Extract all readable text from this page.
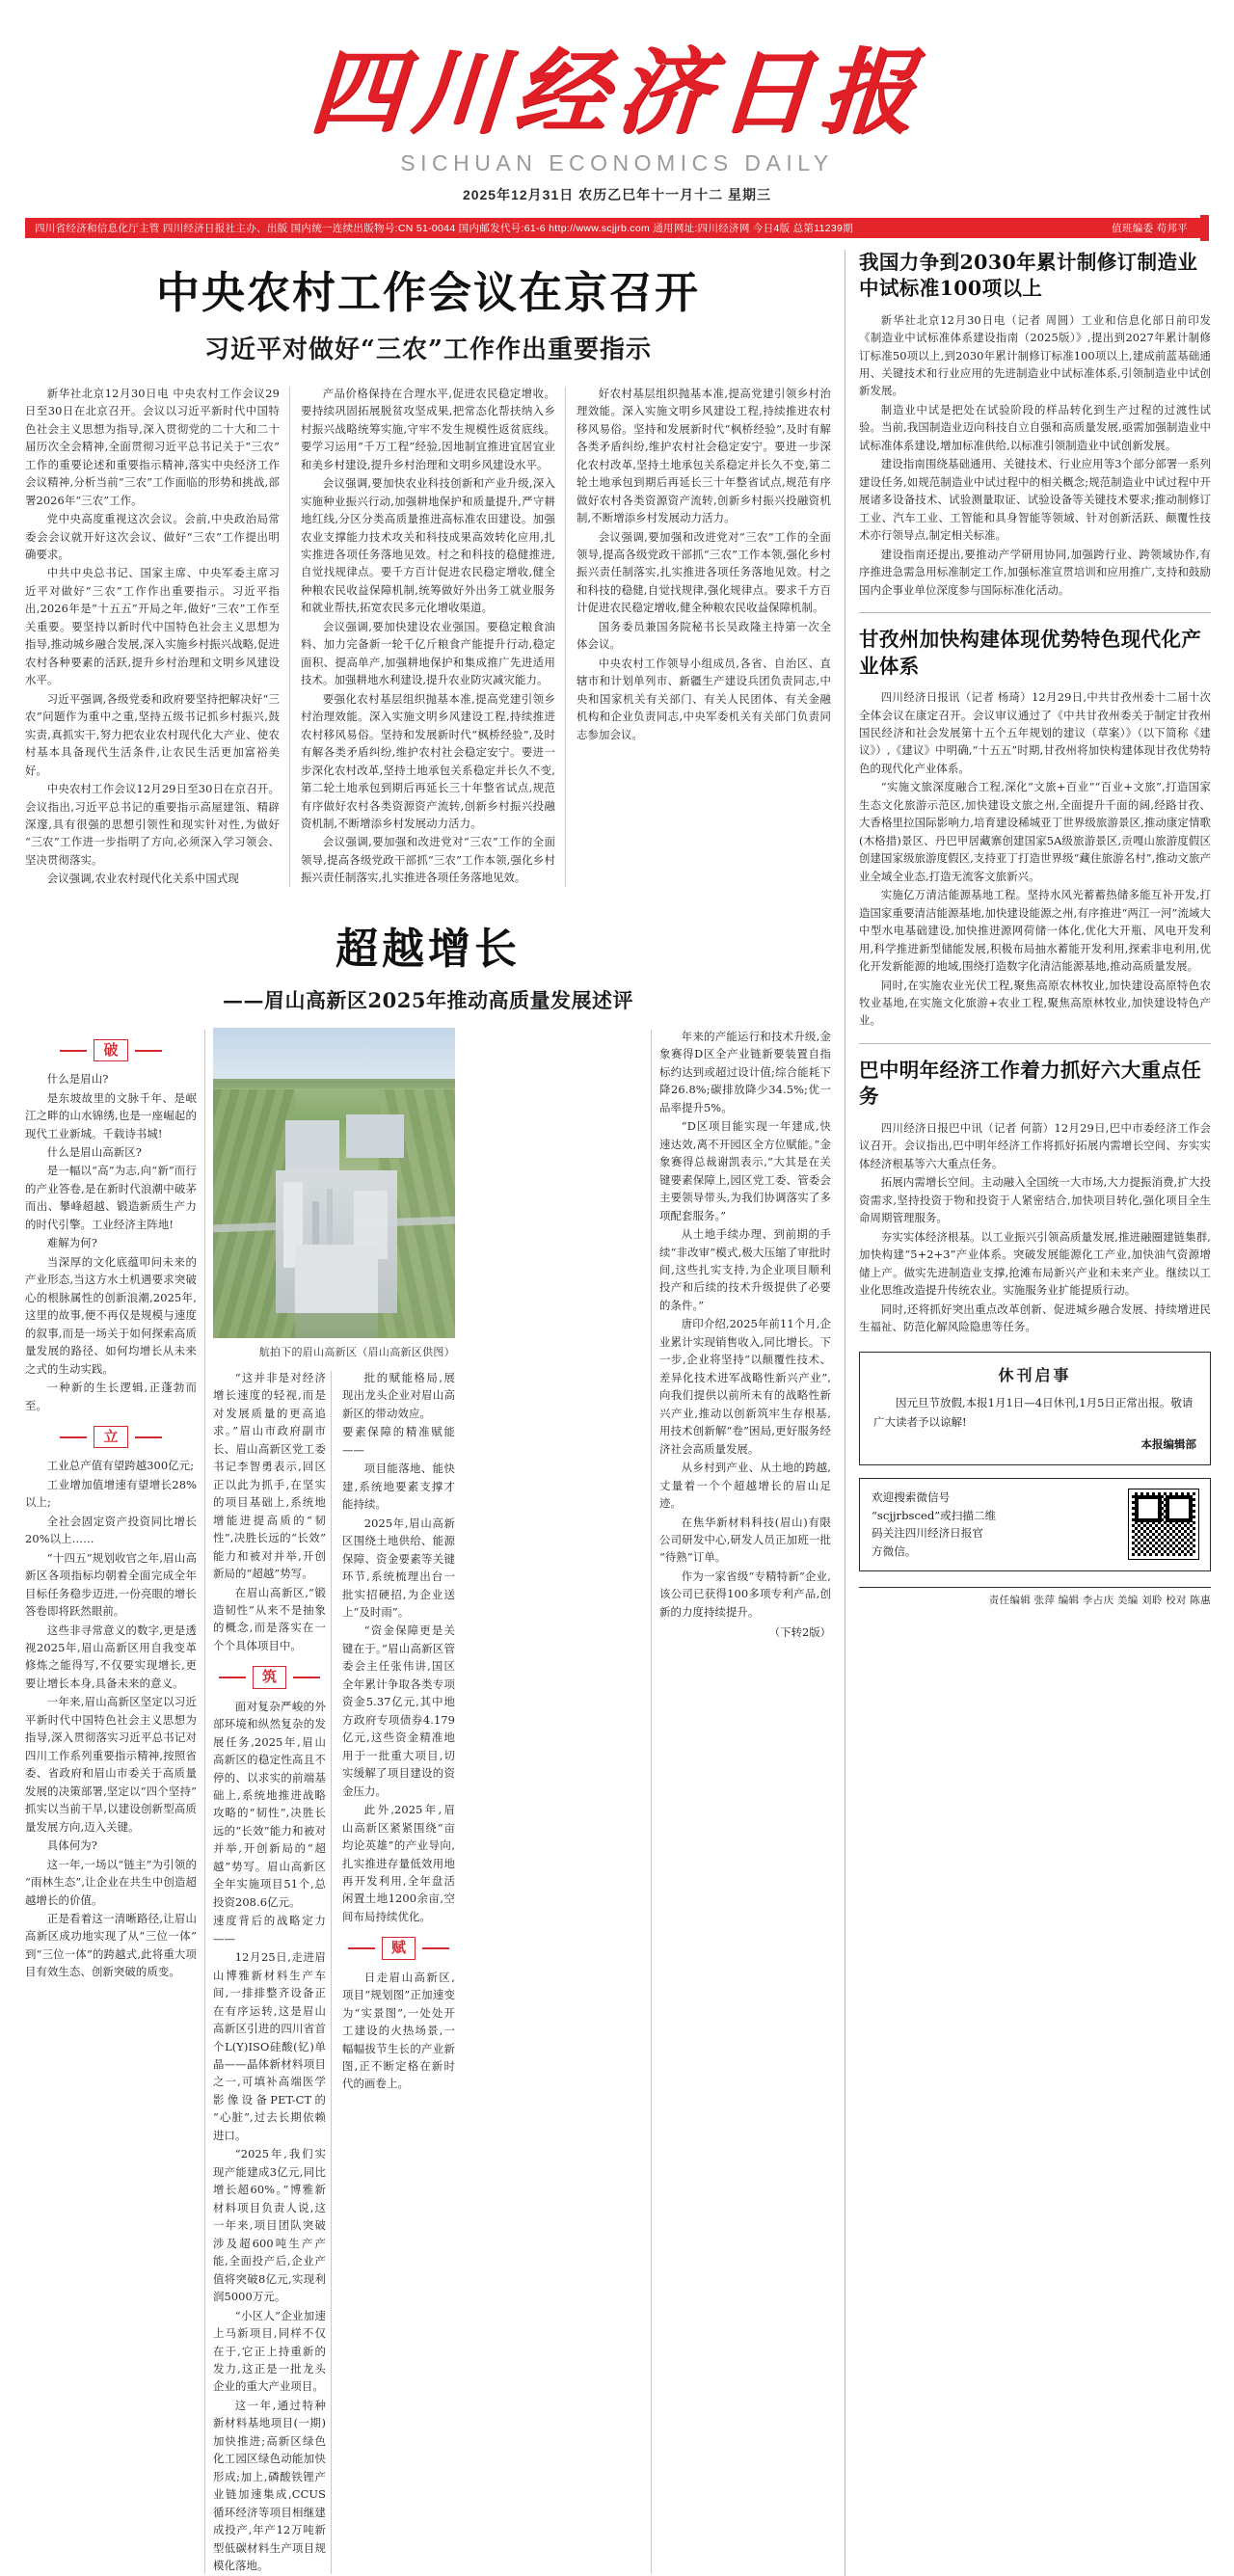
四川经济日报
SICHUAN ECONOMICS DAILY
2025年12月31日 农历乙巳年十一月十二 星期三
四川省经济和信息化厅主管 四川经济日报社主办、出版 国内统一连续出版物号:CN 51-0044 国内邮发代号:61-6 http://www.scjjrb.com 通用网址:四川经济网 今日4版 总第11239期	值班编委 苟邦平
中央农村工作会议在京召开
习近平对做好“三农”工作作出重要指示

新华社北京12月30日电 中央农村工作会议29日至30日在北京召开。会议以习近平新时代中国特色社会主义思想为指导,深入贯彻党的二十大和二十届历次全会精神,全面贯彻习近平总书记关于“三农”工作的重要论述和重要指示精神,落实中央经济工作会议精神,分析当前“三农”工作面临的形势和挑战,部署2026年“三农”工作。

党中央高度重视这次会议。会前,中央政治局常委会会议就开好这次会议、做好“三农”工作提出明确要求。

中共中央总书记、国家主席、中央军委主席习近平对做好“三农”工作作出重要指示。习近平指出,2026年是“十五五”开局之年,做好“三农”工作至关重要。要坚持以新时代中国特色社会主义思想为指导,推动城乡融合发展,深入实施乡村振兴战略,促进农村各种要素的活跃,提升乡村治理和文明乡风建设水平。

习近平强调,各级党委和政府要坚持把解决好“三农”问题作为重中之重,坚持五级书记抓乡村振兴,鼓实责,真抓实干,努力把农业农村现代化大产业、使农村基本具备现代生活条件,让农民生活更加富裕美好。

中央农村工作会议12月29日至30日在京召开。会议指出,习近平总书记的重要指示高屋建瓴、精辟深邃,具有很强的思想引领性和现实针对性,为做好“三农”工作进一步指明了方向,必须深入学习领会、坚决贯彻落实。

会议强调,农业农村现代化关系中国式现

产品价格保持在合理水平,促进农民稳定增收。要持续巩固拓展脱贫攻坚成果,把常态化帮扶纳入乡村振兴战略统筹实施,守牢不发生规模性返贫底线。要学习运用“千万工程”经验,因地制宜推进宜居宜业和美乡村建设,提升乡村治理和文明乡风建设水平。

会议强调,要加快农业科技创新和产业升级,深入实施种业振兴行动,加强耕地保护和质量提升,严守耕地红线,分区分类高质量推进高标准农田建设。加强农业支撑能力技术攻关和科技成果高效转化应用,扎实推进各项任务落地见效。村之和科技的稳健推进,自觉找规律点。要千方百计促进农民稳定增收,健全种粮农民收益保障机制,统筹做好外出务工就业服务和就业帮扶,拓宽农民多元化增收渠道。

会议强调,要加快建设农业强国。要稳定粮食油料、加力完备新一轮千亿斤粮食产能提升行动,稳定面积、提高单产,加强耕地保护和集成推广先进适用技术。加强耕地水利建设,提升农业防灾减灾能力。

要强化农村基层组织抛基本准,提高党建引领乡村治理效能。深入实施文明乡风建设工程,持续推进农村移风易俗。坚持和发展新时代“枫桥经验”,及时有解各类矛盾纠纷,维护农村社会稳定安宁。要进一步深化农村改革,坚持土地承包关系稳定并长久不变,第二轮土地承包到期后再延长三十年整省试点,规范有序做好农村各类资源资产流转,创新乡村振兴投融资机制,不断增添乡村发展动力活力。

会议强调,要加强和改进党对“三农”工作的全面领导,提高各级党政干部抓“三农”工作本领,强化乡村振兴责任制落实,扎实推进各项任务落地见效。

好农村基层组织抛基本准,提高党建引领乡村治理效能。深入实施文明乡风建设工程,持续推进农村移风易俗。坚持和发展新时代“枫桥经验”,及时有解各类矛盾纠纷,维护农村社会稳定安宁。要进一步深化农村改革,坚持土地承包关系稳定并长久不变,第二轮土地承包到期后再延长三十年整省试点,规范有序做好农村各类资源资产流转,创新乡村振兴投融资机制,不断增添乡村发展动力活力。

会议强调,要加强和改进党对“三农”工作的全面领导,提高各级党政干部抓“三农”工作本领,强化乡村振兴责任制落实,扎实推进各项任务落地见效。村之和科技的稳健,自觉找规律,强化规律点。要求千方百计促进农民稳定增收,健全种粮农民收益保障机制。

国务委员兼国务院秘书长吴政隆主持第一次全体会议。

中央农村工作领导小组成员,各省、自治区、直辖市和计划单列市、新疆生产建设兵团负责同志,中央和国家机关有关部门、有关人民团体、有关金融机构和企业负责同志,中央军委机关有关部门负责同志参加会议。

超越增长
——眉山高新区2025年推动高质量发展述评
破

什么是眉山?

是东坡故里的文脉千年、是岷江之畔的山水锦绣,也是一座崛起的现代工业新城。千载诗书城!

什么是眉山高新区?

是一幅以“高”为志,向“新”而行的产业答卷,是在新时代浪潮中破茅而出、攀峰超越、锻造新质生产力的时代引擎。工业经济主阵地!

难解为何?

当深厚的文化底蕴叩问未来的产业形态,当这方水土机遇要求突破心的根脉属性的创新浪潮,2025年,这里的故事,便不再仅是规模与速度的叙事,而是一场关于如何探索高质量发展的路径、如何均增长从未来之式的生动实践。

一种新的生长逻辑,正蓬勃而至。

立

工业总产值有望跨越300亿元;

工业增加值增速有望增长28%以上;

全社会固定资产投资同比增长20%以上……

“十四五”规划收官之年,眉山高新区各项指标均朝着全面完成全年目标任务稳步迈进,一份亮眼的增长答卷即将跃然眼前。

这些非寻常意义的数字,更是透视2025年,眉山高新区用自我变革修炼之能得写,不仅要实现增长,更要让增长本身,具备未来的意义。

一年来,眉山高新区坚定以习近平新时代中国特色社会主义思想为指导,深入贯彻落实习近平总书记对四川工作系列重要指示精神,按照省委、省政府和眉山市委关于高质量发展的决策部署,坚定以“四个坚持”抓实以当前干旱,以建设创新型高质量发展方向,迈入关键。

具体何为?

这一年,一场以“链主”为引领的“雨林生态”,让企业在共生中创造超越增长的价值。

正是看着这一清晰路径,让眉山高新区成功地实现了从“三位一体”到“三位一体”的跨越式,此将重大项目有效生态、创新突破的质变。

航拍下的眉山高新区（眉山高新区供图）

“这并非是对经济增长速度的轻视,而是对发展质量的更高追求。”眉山市政府副市长、眉山高新区党工委书记李智勇表示,回区正以此为抓手,在坚实的项目基础上,系统地增能进提高质的“韧性”,决胜长远的“长效”能力和被对并举,开创新局的“超越”势写。

在眉山高新区,“锻造韧性”从来不是抽象的概念,而是落实在一个个具体项目中。

筑

面对复杂严峻的外部环境和纵然复杂的发展任务,2025年,眉山高新区的稳定性高且不停的、以求实的前端基础上,系统地推进战略攻略的“韧性”,决胜长远的“长效”能力和被对并举,开创新局的“超越”势写。眉山高新区全年实施项目51个,总投资208.6亿元。

速度背后的战略定力——

12月25日,走进眉山博雅新材料生产车间,一排排整齐设备正在有序运转,这是眉山高新区引进的四川省首个L(Y)ISO硅酸(钇)单晶——晶体新材料项目之一,可填补高端医学影像设备PET-CT的“心脏”,过去长期依赖进口。

“2025年,我们实现产能建成3亿元,同比增长超60%。”博雅新材料项目负责人说,这一年来,项目团队突破涉及超600吨生产产能,全面投产后,企业产值将突破8亿元,实现利润5000万元。

“小区人”企业加速上马新项目,同样不仅在于,它正上持重新的发力,这正是一批龙头企业的重大产业项目。

这一年,通过特种新材料基地项目(一期)加快推进;高新区绿色化工园区绿色动能加快形成;加上,磷酸铁锂产业链加速集成,CCUS循环经济等项目相继建成投产,年产12万吨新型低碳材料生产项目规模化落地。

批的赋能格局,展现出龙头企业对眉山高新区的带动效应。

要素保障的精准赋能——

项目能落地、能快建,系统地要素支撑才能持续。

2025年,眉山高新区围绕土地供给、能源保障、资金要素等关键环节,系统梳理出台一批实招硬招,为企业送上“及时雨”。

“资金保障更是关键在于。”眉山高新区管委会主任张伟讲,国区全年累计争取各类专项资金5.37亿元,其中地方政府专项债券4.179亿元,这些资金精准地用于一批重大项目,切实缓解了项目建设的资金压力。

此外,2025年,眉山高新区紧紧围绕“亩均论英雄”的产业导向,扎实推进存量低效用地再开发利用,全年盘活闲置土地1200余亩,空间布局持续优化。

赋

日走眉山高新区,项目“规划图”正加速变为“实景图”,一处处开工建设的火热场景,一幅幅拔节生长的产业新图,正不断定格在新时代的画卷上。

年来的产能运行和技术升级,金象赛得D区全产业链新要装置自指标约达到或超过设计值;综合能耗下降26.8%;碳排放降少34.5%;优一品率提升5%。

“D区项目能实现一年建成,快速达效,离不开园区全方位赋能。”金象赛得总裁谢凯表示,“大其是在关键要素保障上,园区党工委、管委会主要领导带头,为我们协调落实了多项配套服务。”

从土地手续办理、到前期的手续“非改审”模式,极大压缩了审批时间,这些扎实支持,为企业项目顺利投产和后续的技术升级提供了必要的条件。”

唐印介绍,2025年前11个月,企业累计实现销售收入,同比增长。下一步,企业将坚持“以颠覆性技术、差异化技术进军战略性新兴产业”,向我们提供以前所未有的战略性新兴产业,推动以创新筑牢生存根基,用技术创新解“卷”困局,更好服务经济社会高质量发展。

从乡村到产业、从土地的跨越,丈量着一个个超越增长的眉山足迹。

在焦华新材料科技(眉山)有限公司研发中心,研发人员正加班一批“待熟”订单。

作为一家省级“专精特新”企业,该公司已获得100多项专利产品,创新的力度持续提升。

（下转2版）
我国力争到2030年累计制修订制造业中试标准100项以上

新华社北京12月30日电（记者 周圆）工业和信息化部日前印发《制造业中试标准体系建设指南（2025版）》,提出到2027年累计制修订标准50项以上,到2030年累计制修订标准100项以上,建成前蓝基础通用、关键技术和行业应用的先进制造业中试标准体系,引领制造业中试创新发展。

制造业中试是把处在试验阶段的样品转化到生产过程的过渡性试验。当前,我国制造业迈向科技自立自强和高质量发展,亟需加强制造业中试标准体系建设,增加标准供给,以标准引领制造业中试创新发展。

建设指南围绕基础通用、关键技术、行业应用等3个部分部署一系列建设任务,如规范制造业中试过程中的相关概念;规范制造业中试过程中开展诸多设备技术、试验测量取证、试验设备等关键技术要求;推动制修订工业、汽车工业、工智能和具身智能等领域、针对创新活跃、颠覆性技术亦行领导点,制定相关标准。

建设指南还提出,要推动产学研用协同,加强跨行业、跨领域协作,有序推进急需急用标准制定工作,加强标准宣贯培训和应用推广,支持和鼓励国内企事业单位深度参与国际标准化活动。

甘孜州加快构建体现优势特色现代化产业体系

四川经济日报讯（记者 杨琦）12月29日,中共甘孜州委十二届十次全体会议在康定召开。会议审议通过了《中共甘孜州委关于制定甘孜州国民经济和社会发展第十五个五年规划的建议（草案）》（以下简称《建议》）,《建议》中明确,“十五五”时期,甘孜州将加快构建体现甘孜优势特色的现代化产业体系。

“实施文旅深度融合工程,深化“文旅+百业”“百业+文旅”,打造国家生态文化旅游示范区,加快建设文旅之州,全面提升千面的阔,经路甘孜、大香格里拉国际影响力,培育建设稀城亚丁世界级旅游景区,推动康定情歌(木格措)景区、丹巴甲居藏寨创建国家5A级旅游景区,贡嘎山旅游度假区创建国家级旅游度假区,支持亚丁打造世界级“藏住旅游名村”,推动文旅产业全域全业态,打造无流客文旅新兴。

实施亿万清洁能源基地工程。坚持水风光蓄蓄热储多能互补开发,打造国家重要清洁能源基地,加快建设能源之州,有序推进“两江一河”流域大中型水电基础建设,加快推进源网荷储一体化,优化大开瓶、风电开发利用,科学推进新型储能发展,积极布局抽水蓄能开发利用,探索非电利用,优化开发新能源的地域,围绕打造数字化清洁能源基地,推动高质量发展。

同时,在实施农业光伏工程,聚焦高原农林牧业,加快建设高原特色农牧业基地,在实施文化旅游+农业工程,聚焦高原林牧业,加快建设特色产业。

巴中明年经济工作着力抓好六大重点任务

四川经济日报巴中讯（记者 何箭）12月29日,巴中市委经济工作会议召开。会议指出,巴中明年经济工作将抓好拓展内需增长空间、夯实实体经济根基等六大重点任务。

拓展内需增长空间。主动融入全国统一大市场,大力提振消费,扩大投资需求,坚持投资于物和投资于人紧密结合,加快项目转化,强化项目全生命周期管理服务。

夯实实体经济根基。以工业振兴引领高质量发展,推进融圈建链集群,加快构建“5+2+3”产业体系。突破发展能源化工产业,加快油气资源增储上产。做实先进制造业支撑,抢滩布局新兴产业和未来产业。继续以工业化思维改造提升传统农业。实施服务业扩能提质行动。

同时,还将抓好突出重点改革创新、促进城乡融合发展、持续增进民生福祉、防范化解风险隐患等任务。

休刊启事
因元旦节放假,本报1月1日—4日休刊,1月5日正常出报。敬请广大读者予以谅解!
本报编辑部
欢迎搜索微信号
“scjjrbsced”或扫描二维
码关注四川经济日报官
方微信。
责任编辑 张萍 编辑 李占庆 美编 刘聆 校对 陈惠
